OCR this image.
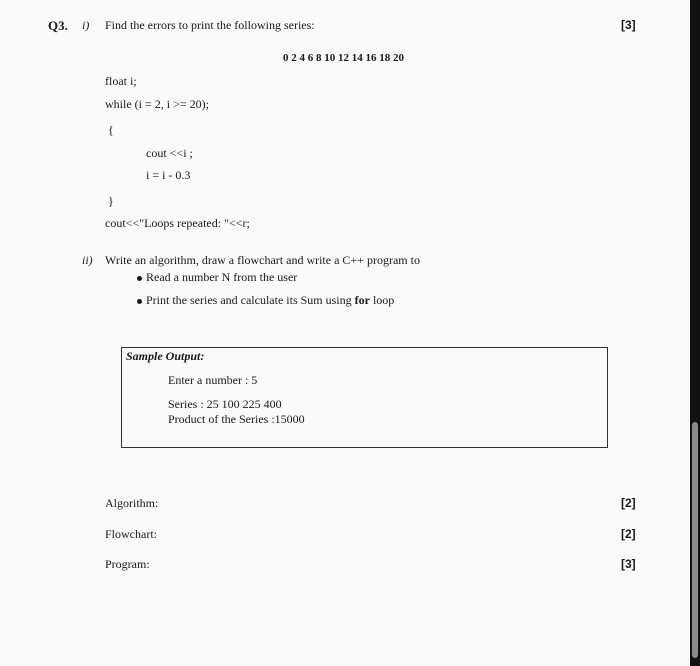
Q3. i) Find the errors to print the following series:	[3]
0 2 4 6 8 10 12 14 16 18 20
float i;
while (i = 2, i >= 20);
{
cout <<i ;
i = i - 0.3
}
cout<<"Loops repeated: "<<r;
ii) Write an algorithm, draw a flowchart and write a C++ program to
Read a number N from the user
Print the series and calculate its Sum using for loop
Sample Output:
Enter a number : 5
Series : 25 100 225 400
Product of the Series :15000
Algorithm:	[2]
Flowchart:	[2]
Program:	[3]
